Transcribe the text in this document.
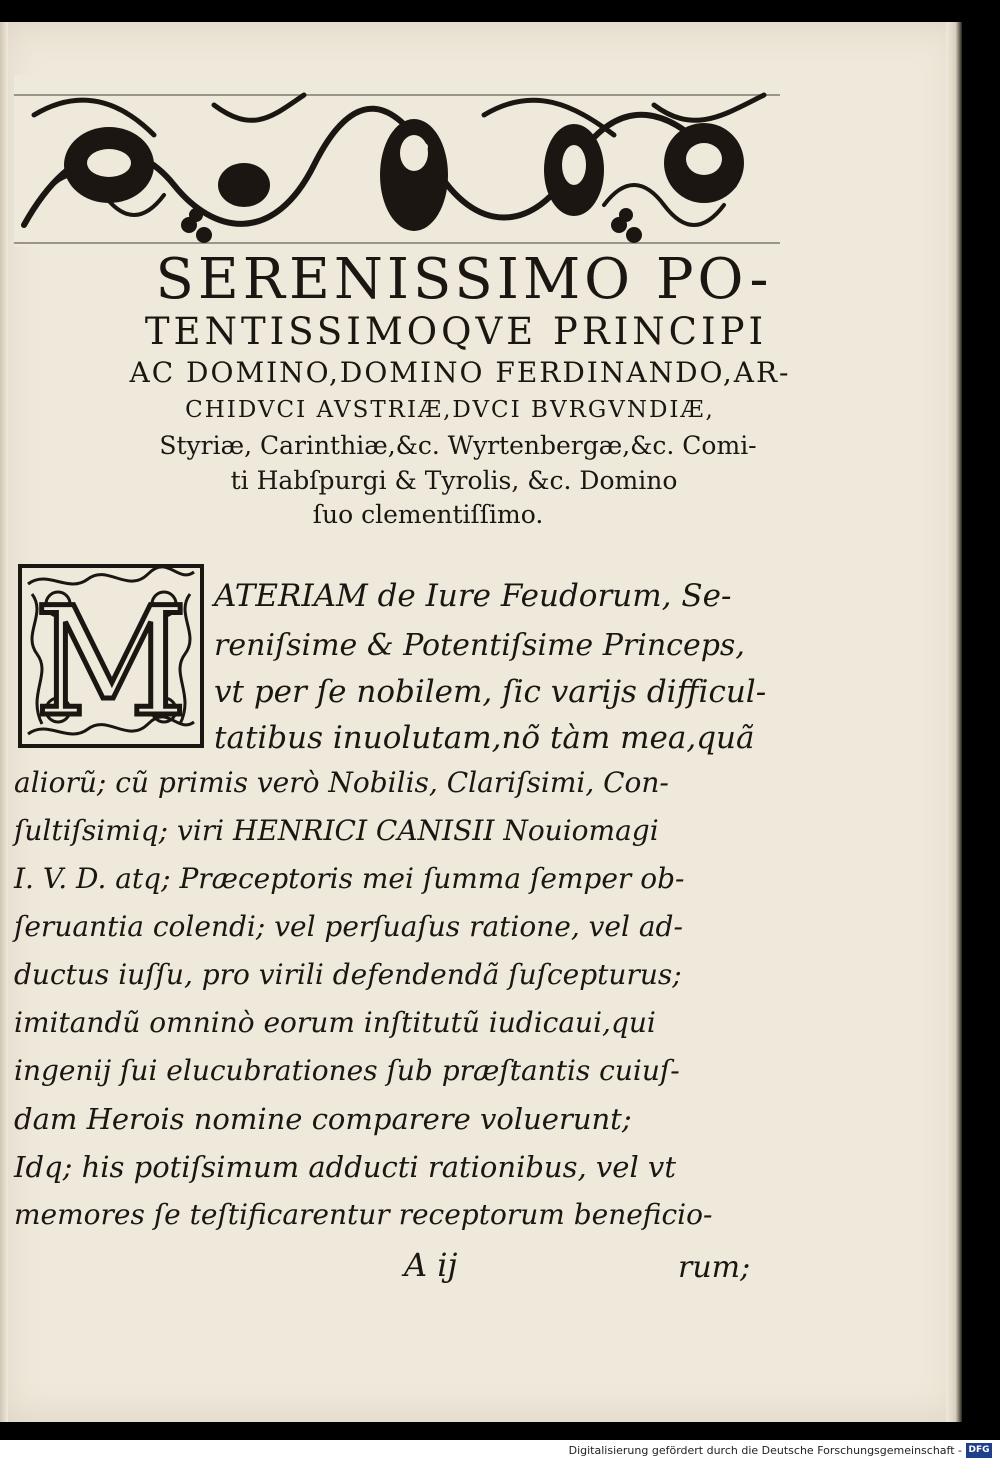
SERENISSIMO PO-
TENTISSIMOQVE PRINCIPI
AC DOMINO,DOMINO FERDINANDO,AR-
CHIDVCI AVSTRIÆ,DVCI BVRGVNDIÆ,
Styriæ, Carinthiæ,&c. Wyrtenbergæ,&c. Comi-
ti Habſpurgi & Tyrolis, &c. Domino
ſuo clementiſſimo.
M ATERIAM de Iure Feudorum, Se-
reniſsime & Potentiſsime Princeps,
vt per ſe nobilem, ſic varijs difficul-
tatibus inuolutam,nõ tàm mea,quã
aliorũ; cũ primis verò Nobilis, Clariſsimi, Con-
ſultiſsimiq; viri HENRICI CANISII Nouiomagi
I. V. D. atq; Præceptoris mei ſumma ſemper ob-
ſeruantia colendi; vel perſuaſus ratione, vel ad-
ductus iuſſu, pro virili defendendã ſuſcepturus;
imitandũ omninò eorum inſtitutũ iudicaui,qui
ingenij ſui elucubrationes ſub præſtantis cuiuſ-
dam Herois nomine comparere voluerunt;
Idq; his potiſsimum adducti rationibus, vel vt
memores ſe teſtificarentur receptorum beneficio-
A ij	rum;
Digitalisierung gefördert durch die Deutsche Forschungsgemeinschaft - DFG
